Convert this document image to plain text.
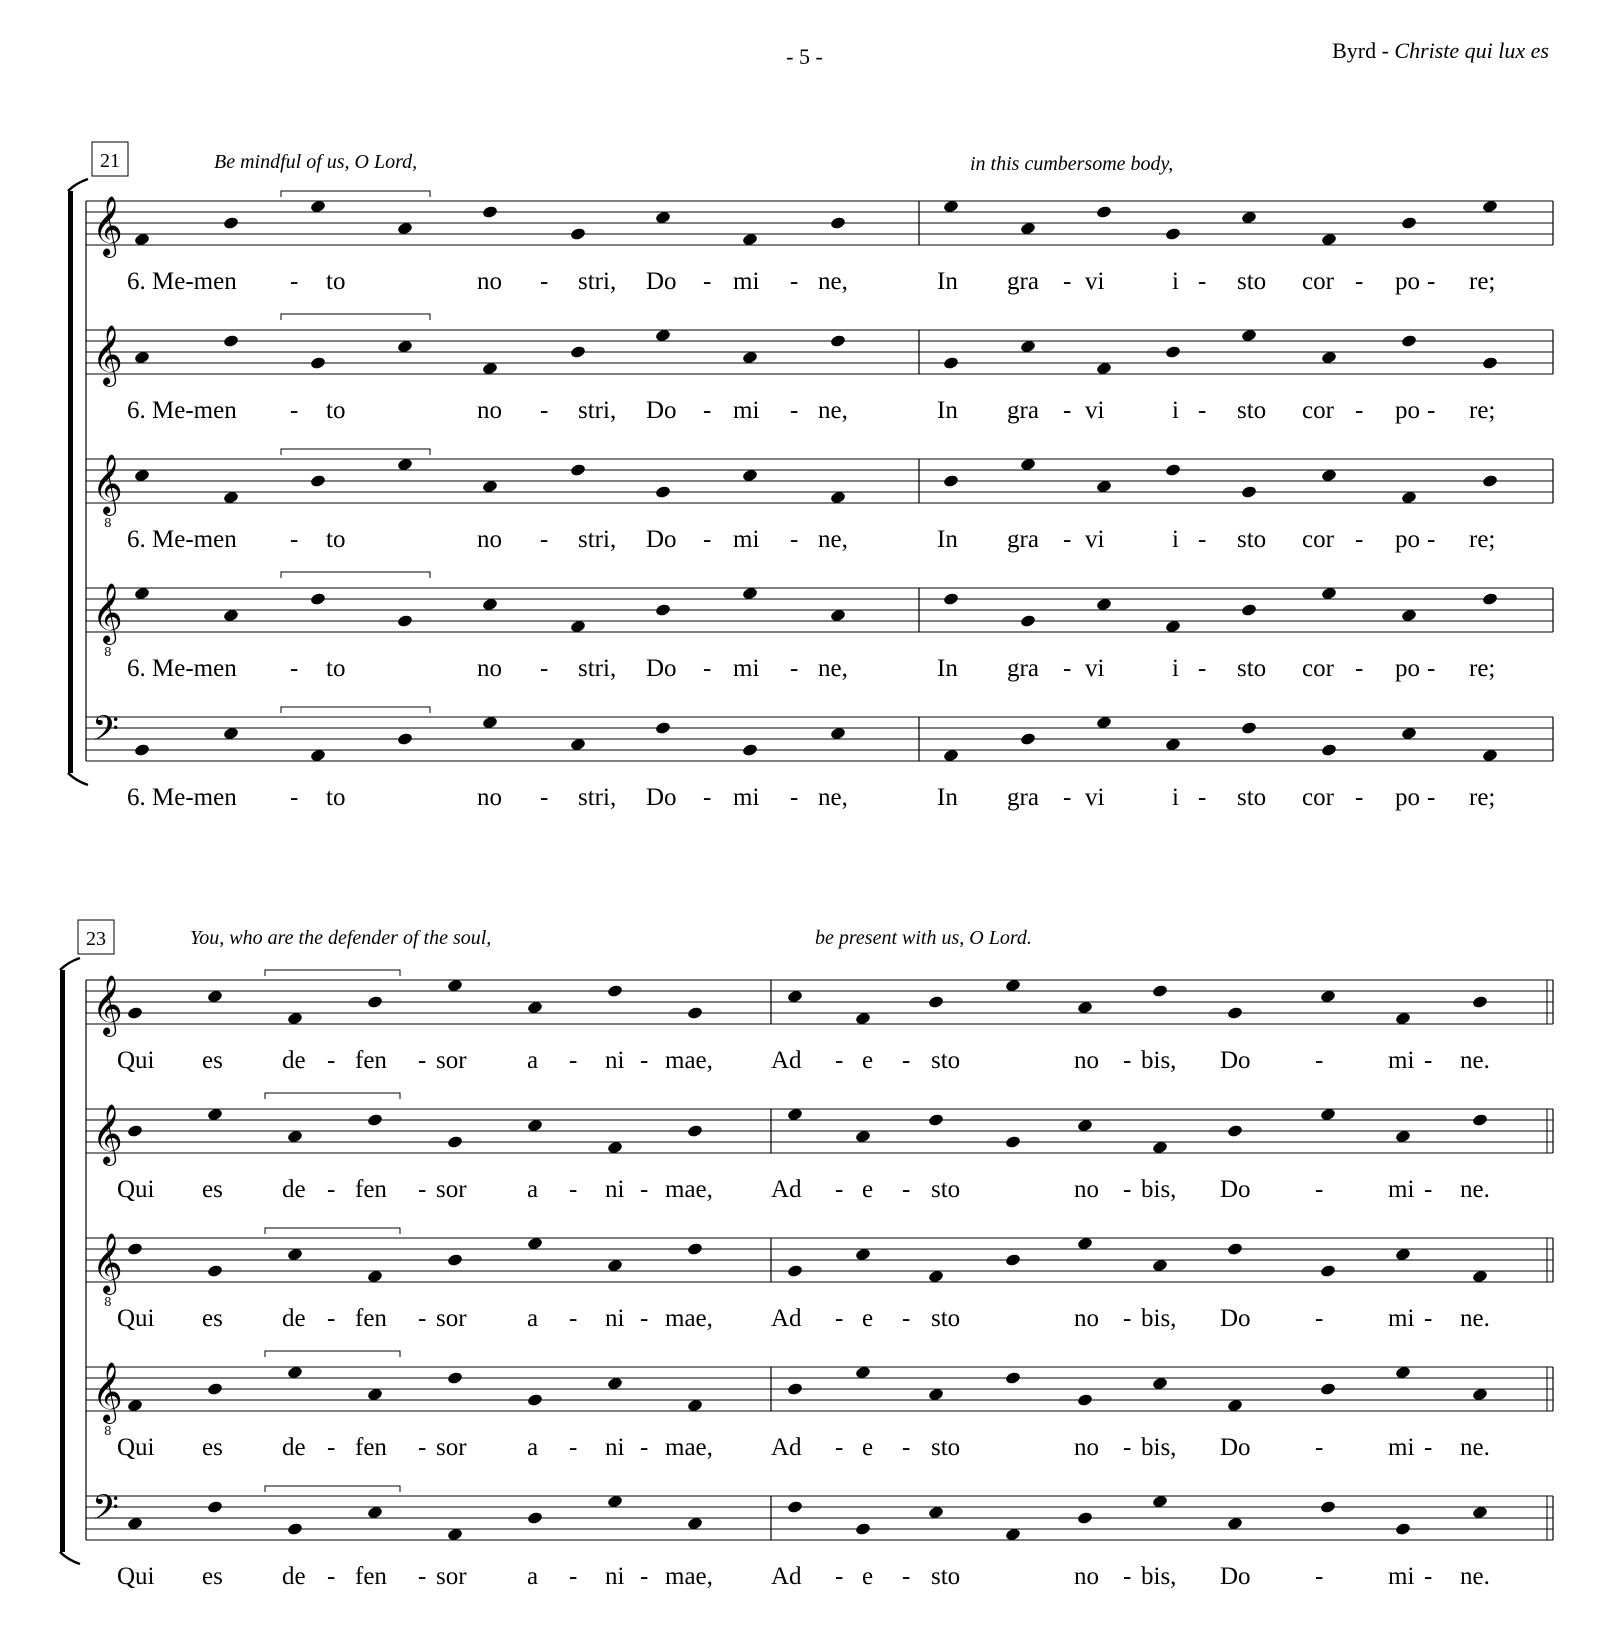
- 5 -	Byrd - Christe qui lux es
21	Be mindful of us, O Lord,	in this cumbersome body,
𝄞
6. Me-men - to	no - stri, Do - mi - ne,	In gra - vi	i - sto cor - po - re;
𝄞
6. Me-men - to	no - stri, Do - mi - ne,	In gra - vi	i - sto cor - po - re;
𝄞
8
6. Me-men - to	no - stri, Do - mi - ne,	In gra - vi	i - sto cor - po - re;
𝄞
8
6. Me-men - to	no - stri, Do - mi - ne,	In gra - vi	i - sto cor - po - re;
𝄢
6. Me-men - to	no - stri, Do - mi - ne,	In gra - vi	i - sto cor - po - re;
23	You, who are the defender of the soul,	be present with us, O Lord.
𝄞
Qui es de - fen - sor a - ni - mae, Ad - e - sto	no - bis, Do	-	mi - ne.
𝄞
Qui es de - fen - sor a - ni - mae, Ad - e - sto	no - bis, Do	-	mi - ne.
𝄞
8
Qui es de - fen - sor a - ni - mae, Ad - e - sto	no - bis, Do	-	mi - ne.
𝄞
8
Qui es de - fen - sor a - ni - mae, Ad - e - sto	no - bis, Do	-	mi - ne.
𝄢
Qui es de - fen - sor a - ni - mae, Ad - e - sto	no - bis, Do	-	mi - ne.
